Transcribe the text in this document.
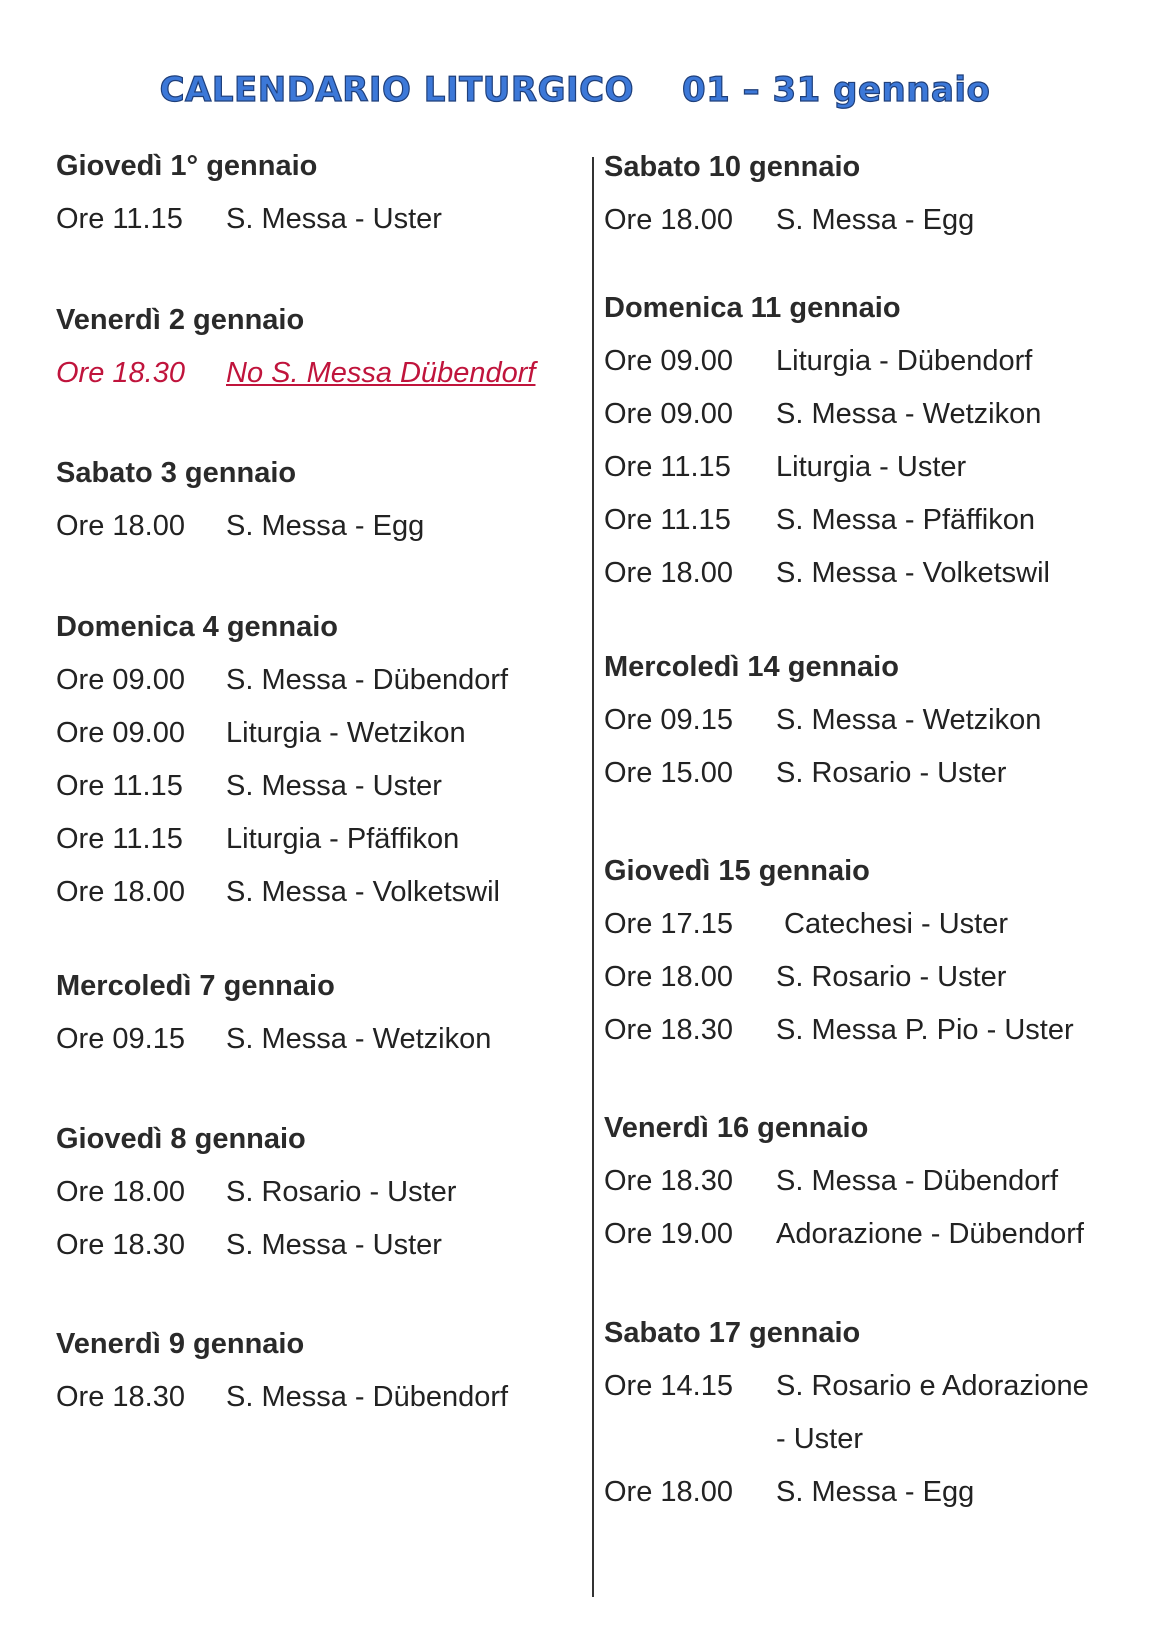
CALENDARIO LITURGICO 01 – 31 gennaio
Giovedì 1° gennaio
Ore 11.15 S. Messa - Uster
Venerdì 2 gennaio
Ore 18.30 No S. Messa Dübendorf
Sabato 3 gennaio
Ore 18.00 S. Messa - Egg
Domenica 4 gennaio
Ore 09.00 S. Messa - Dübendorf
Ore 09.00 Liturgia - Wetzikon
Ore 11.15 S. Messa - Uster
Ore 11.15 Liturgia - Pfäffikon
Ore 18.00 S. Messa - Volketswil
Mercoledì 7 gennaio
Ore 09.15 S. Messa - Wetzikon
Giovedì 8 gennaio
Ore 18.00 S. Rosario - Uster
Ore 18.30 S. Messa - Uster
Venerdì 9 gennaio
Ore 18.30 S. Messa - Dübendorf
Sabato 10 gennaio
Ore 18.00 S. Messa - Egg
Domenica 11 gennaio
Ore 09.00 Liturgia - Dübendorf
Ore 09.00 S. Messa - Wetzikon
Ore 11.15 Liturgia - Uster
Ore 11.15 S. Messa - Pfäffikon
Ore 18.00 S. Messa - Volketswil
Mercoledì 14 gennaio
Ore 09.15 S. Messa - Wetzikon
Ore 15.00 S. Rosario - Uster
Giovedì 15 gennaio
Ore 17.15 Catechesi - Uster
Ore 18.00 S. Rosario - Uster
Ore 18.30 S. Messa P. Pio - Uster
Venerdì 16 gennaio
Ore 18.30 S. Messa - Dübendorf
Ore 19.00 Adorazione - Dübendorf
Sabato 17 gennaio
Ore 14.15 S. Rosario e Adorazione
- Uster
Ore 18.00 S. Messa - Egg
